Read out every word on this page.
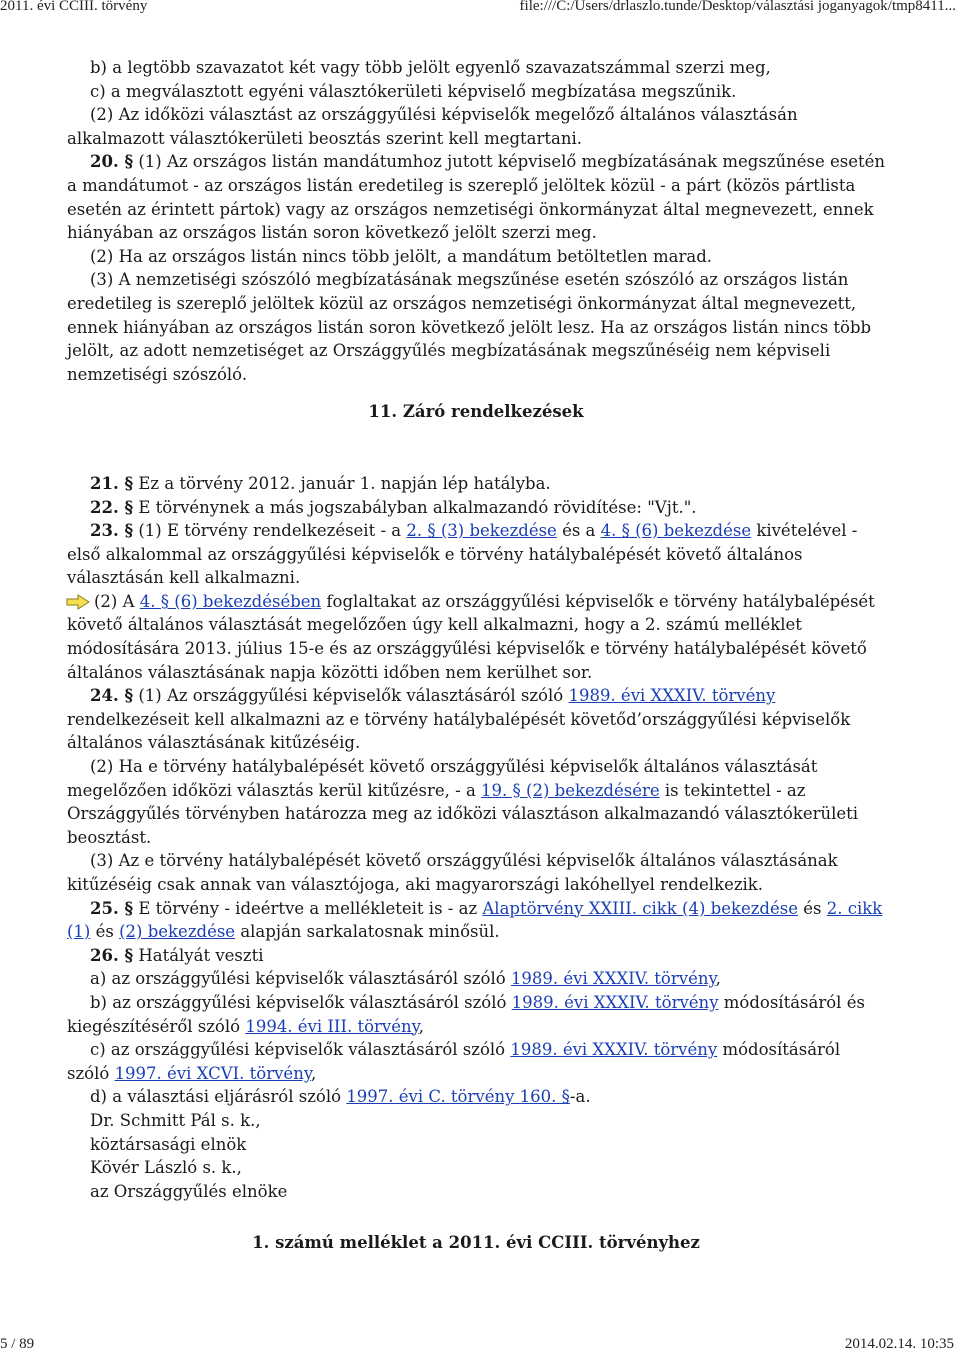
2011. évi CCIII. törvény	file:///C:/Users/drlaszlo.tunde/Desktop/választási joganyagok/tmp8411...

b) a legtöbb szavazatot két vagy több jelölt egyenlő szavazatszámmal szerzi meg,

c) a megválasztott egyéni választókerületi képviselő megbízatása megszűnik.

(2) Az időközi választást az országgyűlési képviselők megelőző általános választásán alkalmazott választókerületi beosztás szerint kell megtartani.

20. § (1) Az országos listán mandátumhoz jutott képviselő megbízatásának megszűnése esetén a mandátumot - az országos listán eredetileg is szereplő jelöltek közül - a párt (közös pártlista esetén az érintett pártok) vagy az országos nemzetiségi önkormányzat által megnevezett, ennek hiányában az országos listán soron következő jelölt szerzi meg.

(2) Ha az országos listán nincs több jelölt, a mandátum betöltetlen marad.

(3) A nemzetiségi szószóló megbízatásának megszűnése esetén szószóló az országos listán eredetileg is szereplő jelöltek közül az országos nemzetiségi önkormányzat által megnevezett, ennek hiányában az országos listán soron következő jelölt lesz. Ha az országos listán nincs több jelölt, az adott nemzetiséget az Országgyűlés megbízatásának megszűnéséig nem képviseli nemzetiségi szószóló.

11. Záró rendelkezések

21. § Ez a törvény 2012. január 1. napján lép hatályba.

22. § E törvénynek a más jogszabályban alkalmazandó rövidítése: "Vjt.".

23. § (1) E törvény rendelkezéseit - a 2. § (3) bekezdése és a 4. § (6) bekezdése kivételével - első alkalommal az országgyűlési képviselők e törvény hatálybalépését követő általános választásán kell alkalmazni.

(2) A 4. § (6) bekezdésében foglaltakat az országgyűlési képviselők e törvény hatálybalépését követő általános választását megelőzően úgy kell alkalmazni, hogy a 2. számú melléklet módosítására 2013. július 15-e és az országgyűlési képviselők e törvény hatálybalépését követő általános választásának napja közötti időben nem kerülhet sor.

24. § (1) Az országgyűlési képviselők választásáról szóló 1989. évi XXXIV. törvény rendelkezéseit kell alkalmazni az e törvény hatálybalépését követőd’országgyűlési képviselők általános választásának kitűzéséig.

(2) Ha e törvény hatálybalépését követő országgyűlési képviselők általános választását megelőzően időközi választás kerül kitűzésre, - a 19. § (2) bekezdésére is tekintettel - az Országgyűlés törvényben határozza meg az időközi választáson alkalmazandó választókerületi beosztást.

(3) Az e törvény hatálybalépését követő országgyűlési képviselők általános választásának kitűzéséig csak annak van választójoga, aki magyarországi lakóhellyel rendelkezik.

25. § E törvény - ideértve a mellékleteit is - az Alaptörvény XXIII. cikk (4) bekezdése és 2. cikk (1) és (2) bekezdése alapján sarkalatosnak minősül.

26. § Hatályát veszti

a) az országgyűlési képviselők választásáról szóló 1989. évi XXXIV. törvény,

b) az országgyűlési képviselők választásáról szóló 1989. évi XXXIV. törvény módosításáról és kiegészítéséről szóló 1994. évi III. törvény,

c) az országgyűlési képviselők választásáról szóló 1989. évi XXXIV. törvény módosításáról szóló 1997. évi XCVI. törvény,

d) a választási eljárásról szóló 1997. évi C. törvény 160. §-a.

Dr. Schmitt Pál s. k.,

köztársasági elnök

Kövér László s. k.,

az Országgyűlés elnöke

1. számú melléklet a 2011. évi CCIII. törvényhez

5 / 89	2014.02.14. 10:35
